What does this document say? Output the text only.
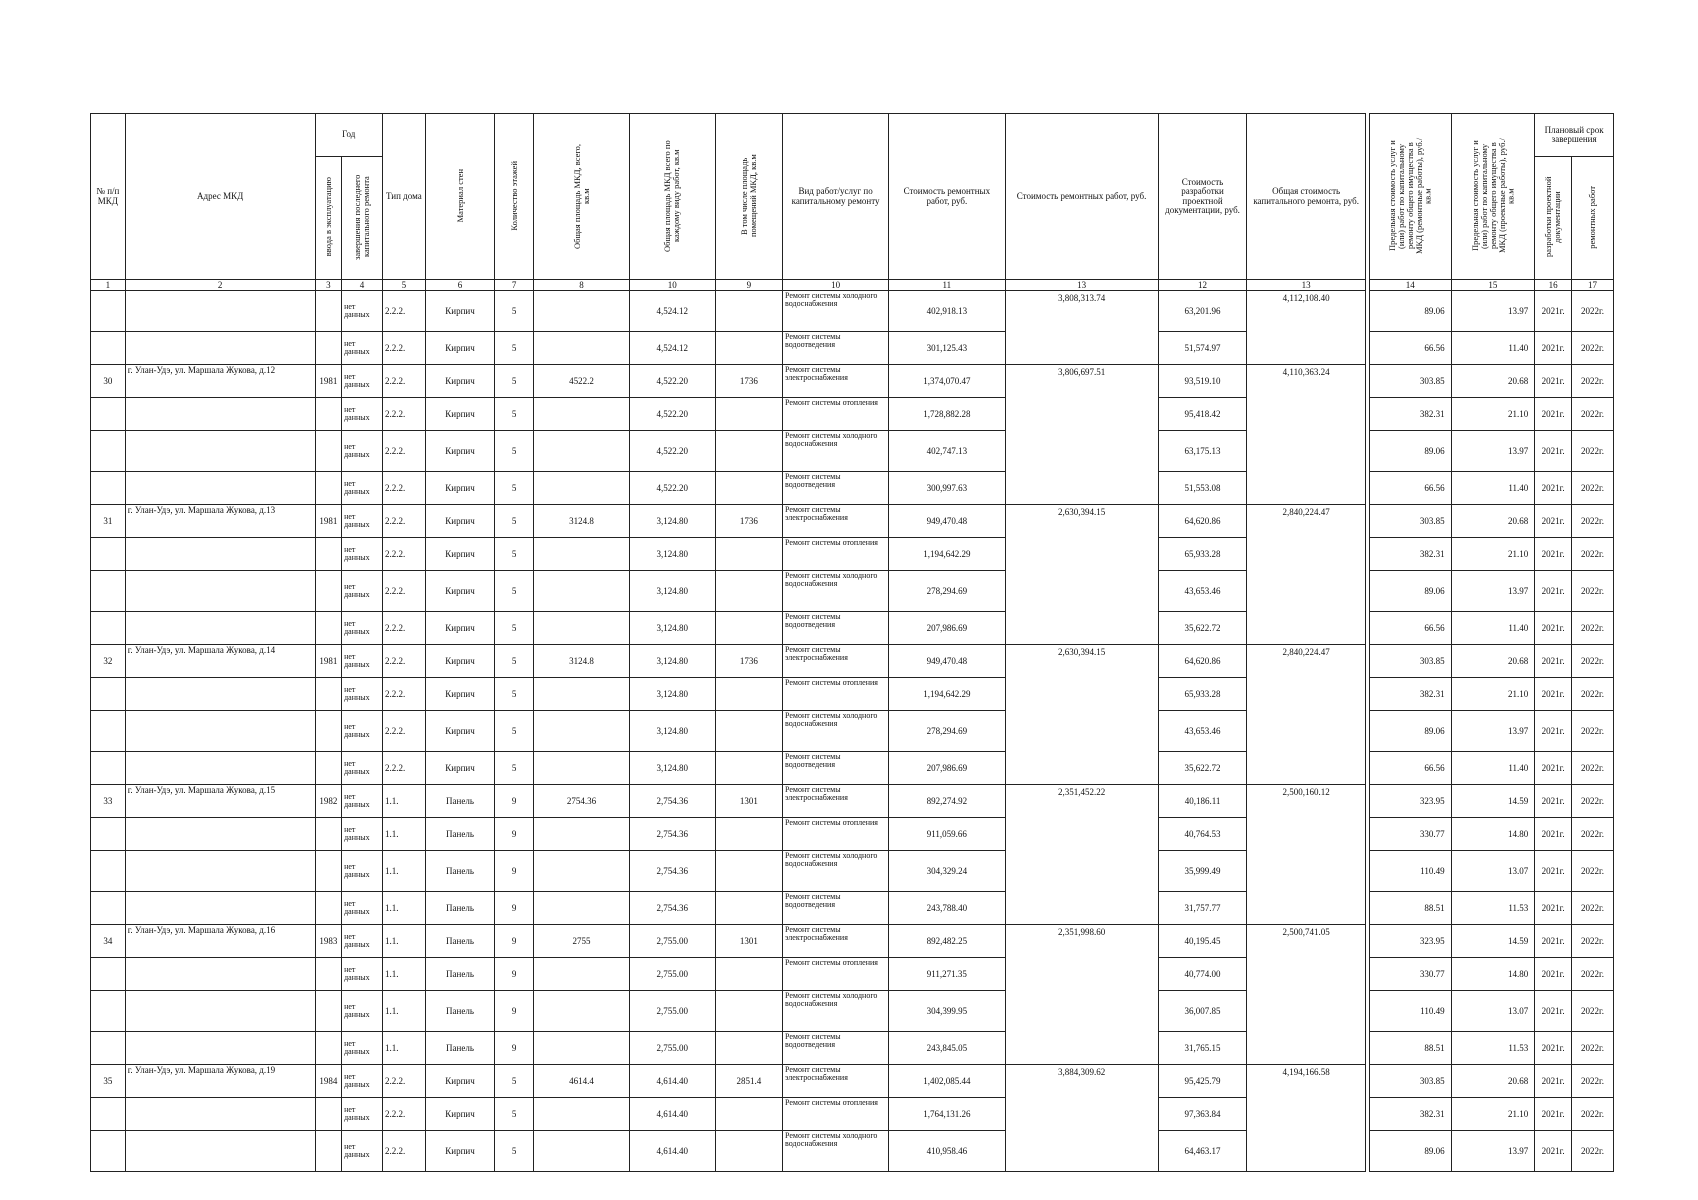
№ п/п МКД	Адрес МКД	Год		Тип дома	Материал стен	Количество этажей	Общая площадь МКД, всего, кв.м	Общая площадь МКД всего по каждому виду работ, кв.м	В том числе площадь помещений МКД, кв.м	Вид работ/услуг по капитальному ремонту	Стоимость ремонтных работ, руб.	Стоимость ремонтных работ, руб.	Стоимость разработки проектной документации, руб.	Общая стоимость капитального ремонта, руб.		Предельная стоимость услуг и (или) работ по капитальному ремонту общего имущества в МКД (ремонтные работы), руб./кв.м	Предельная стоимость услуг и (или) работ по капитальному ремонту общего имущества в МКД (проектные работы), руб./кв.м	Плановый срок завершения	
		ввода в эксплуатацию	завершения последнего капитального ремонта															разработки проектной документации	ремонтных работ
1	2	3	4	5	6	7	8	10	9	10	11	13	12	13		14	15	16	17
			нет данных	2.2.2.	Кирпич	5		4,524.12		Ремонт системы холодного водоснабжения	402,918.13	3,808,313.74	63,201.96	4,112,108.40		89.06	13.97	2021г.	2022г.
			нет данных	2.2.2.	Кирпич	5		4,524.12		Ремонт системы водоотведения	301,125.43		51,574.97			66.56	11.40	2021г.	2022г.
30	г. Улан-Удэ, ул. Маршала Жукова, д.12	1981	нет данных	2.2.2.	Кирпич	5	4522.2	4,522.20	1736	Ремонт системы электроснабжения	1,374,070.47	3,806,697.51	93,519.10	4,110,363.24		303.85	20.68	2021г.	2022г.
			нет данных	2.2.2.	Кирпич	5		4,522.20		Ремонт системы отопления	1,728,882.28		95,418.42			382.31	21.10	2021г.	2022г.
			нет данных	2.2.2.	Кирпич	5		4,522.20		Ремонт системы холодного водоснабжения	402,747.13		63,175.13			89.06	13.97	2021г.	2022г.
			нет данных	2.2.2.	Кирпич	5		4,522.20		Ремонт системы водоотведения	300,997.63		51,553.08			66.56	11.40	2021г.	2022г.
31	г. Улан-Удэ, ул. Маршала Жукова, д.13	1981	нет данных	2.2.2.	Кирпич	5	3124.8	3,124.80	1736	Ремонт системы электроснабжения	949,470.48	2,630,394.15	64,620.86	2,840,224.47		303.85	20.68	2021г.	2022г.
			нет данных	2.2.2.	Кирпич	5		3,124.80		Ремонт системы отопления	1,194,642.29		65,933.28			382.31	21.10	2021г.	2022г.
			нет данных	2.2.2.	Кирпич	5		3,124.80		Ремонт системы холодного водоснабжения	278,294.69		43,653.46			89.06	13.97	2021г.	2022г.
			нет данных	2.2.2.	Кирпич	5		3,124.80		Ремонт системы водоотведения	207,986.69		35,622.72			66.56	11.40	2021г.	2022г.
32	г. Улан-Удэ, ул. Маршала Жукова, д.14	1981	нет данных	2.2.2.	Кирпич	5	3124.8	3,124.80	1736	Ремонт системы электроснабжения	949,470.48	2,630,394.15	64,620.86	2,840,224.47		303.85	20.68	2021г.	2022г.
			нет данных	2.2.2.	Кирпич	5		3,124.80		Ремонт системы отопления	1,194,642.29		65,933.28			382.31	21.10	2021г.	2022г.
			нет данных	2.2.2.	Кирпич	5		3,124.80		Ремонт системы холодного водоснабжения	278,294.69		43,653.46			89.06	13.97	2021г.	2022г.
			нет данных	2.2.2.	Кирпич	5		3,124.80		Ремонт системы водоотведения	207,986.69		35,622.72			66.56	11.40	2021г.	2022г.
33	г. Улан-Удэ, ул. Маршала Жукова, д.15	1982	нет данных	1.1.	Панель	9	2754.36	2,754.36	1301	Ремонт системы электроснабжения	892,274.92	2,351,452.22	40,186.11	2,500,160.12		323.95	14.59	2021г.	2022г.
			нет данных	1.1.	Панель	9		2,754.36		Ремонт системы отопления	911,059.66		40,764.53			330.77	14.80	2021г.	2022г.
			нет данных	1.1.	Панель	9		2,754.36		Ремонт системы холодного водоснабжения	304,329.24		35,999.49			110.49	13.07	2021г.	2022г.
			нет данных	1.1.	Панель	9		2,754.36		Ремонт системы водоотведения	243,788.40		31,757.77			88.51	11.53	2021г.	2022г.
34	г. Улан-Удэ, ул. Маршала Жукова, д.16	1983	нет данных	1.1.	Панель	9	2755	2,755.00	1301	Ремонт системы электроснабжения	892,482.25	2,351,998.60	40,195.45	2,500,741.05		323.95	14.59	2021г.	2022г.
			нет данных	1.1.	Панель	9		2,755.00		Ремонт системы отопления	911,271.35		40,774.00			330.77	14.80	2021г.	2022г.
			нет данных	1.1.	Панель	9		2,755.00		Ремонт системы холодного водоснабжения	304,399.95		36,007.85			110.49	13.07	2021г.	2022г.
			нет данных	1.1.	Панель	9		2,755.00		Ремонт системы водоотведения	243,845.05		31,765.15			88.51	11.53	2021г.	2022г.
35	г. Улан-Удэ, ул. Маршала Жукова, д.19	1984	нет данных	2.2.2.	Кирпич	5	4614.4	4,614.40	2851.4	Ремонт системы электроснабжения	1,402,085.44	3,884,309.62	95,425.79	4,194,166.58		303.85	20.68	2021г.	2022г.
			нет данных	2.2.2.	Кирпич	5		4,614.40		Ремонт системы отопления	1,764,131.26		97,363.84			382.31	21.10	2021г.	2022г.
			нет данных	2.2.2.	Кирпич	5		4,614.40		Ремонт системы холодного водоснабжения	410,958.46		64,463.17			89.06	13.97	2021г.	2022г.
